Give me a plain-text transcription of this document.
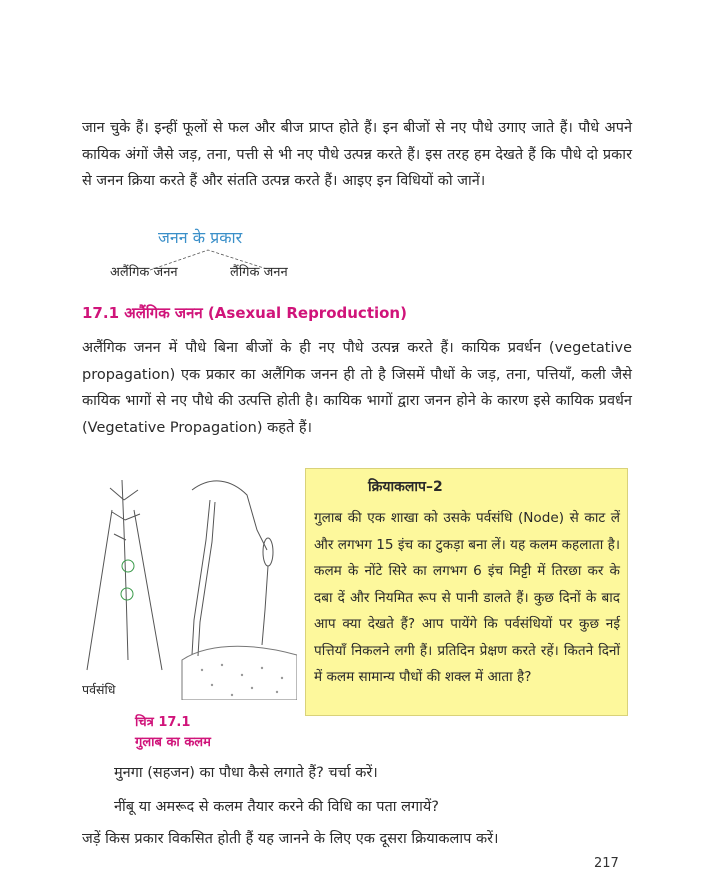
जान चुके हैं। इन्हीं फूलों से फल और बीज प्राप्त होते हैं। इन बीजों से नए पौधे उगाए जाते हैं। पौधे अपने कायिक अंगों जैसे जड़, तना, पत्ती से भी नए पौधे उत्पन्न करते हैं। इस तरह हम देखते हैं कि पौधे दो प्रकार से जनन क्रिया करते हैं और संतति उत्पन्न करते हैं। आइए इन विधियों को जानें।
जनन के प्रकार
अलैंगिक जनन	लैंगिक जनन
17.1 अलैंगिक जनन (Asexual Reproduction)
अलैंगिक जनन में पौधे बिना बीजों के ही नए पौधे उत्पन्न करते हैं। कायिक प्रवर्धन (vegetative propagation) एक प्रकार का अलैंगिक जनन ही तो है जिसमें पौधों के जड़, तना, पत्तियाँ, कली जैसे कायिक भागों से नए पौधे की उत्पत्ति होती है। कायिक भागों द्वारा जनन होने के कारण इसे कायिक प्रवर्धन (Vegetative Propagation) कहते हैं।
पर्वसंधि
क्रियाकलाप–2
गुलाब की एक शाखा को उसके पर्वसंधि (Node) से काट लें और लगभग 15 इंच का टुकड़ा बना लें। यह कलम कहलाता है। कलम के नोंटे सिरे का लगभग 6 इंच मिट्टी में तिरछा कर के दबा दें और नियमित रूप से पानी डालते हैं। कुछ दिनों के बाद आप क्या देखते हैं? आप पायेंगे कि पर्वसंधियों पर कुछ नई पत्तियाँ निकलने लगी हैं। प्रतिदिन प्रेक्षण करते रहें। कितने दिनों में कलम सामान्य पौधों की शक्ल में आता है?
चित्र 17.1
गुलाब का कलम
मुनगा (सहजन) का पौधा कैसे लगाते हैं? चर्चा करें।
नींबू या अमरूद से कलम तैयार करने की विधि का पता लगायें?
जड़ें किस प्रकार विकसित होती हैं यह जानने के लिए एक दूसरा क्रियाकलाप करें।
217
